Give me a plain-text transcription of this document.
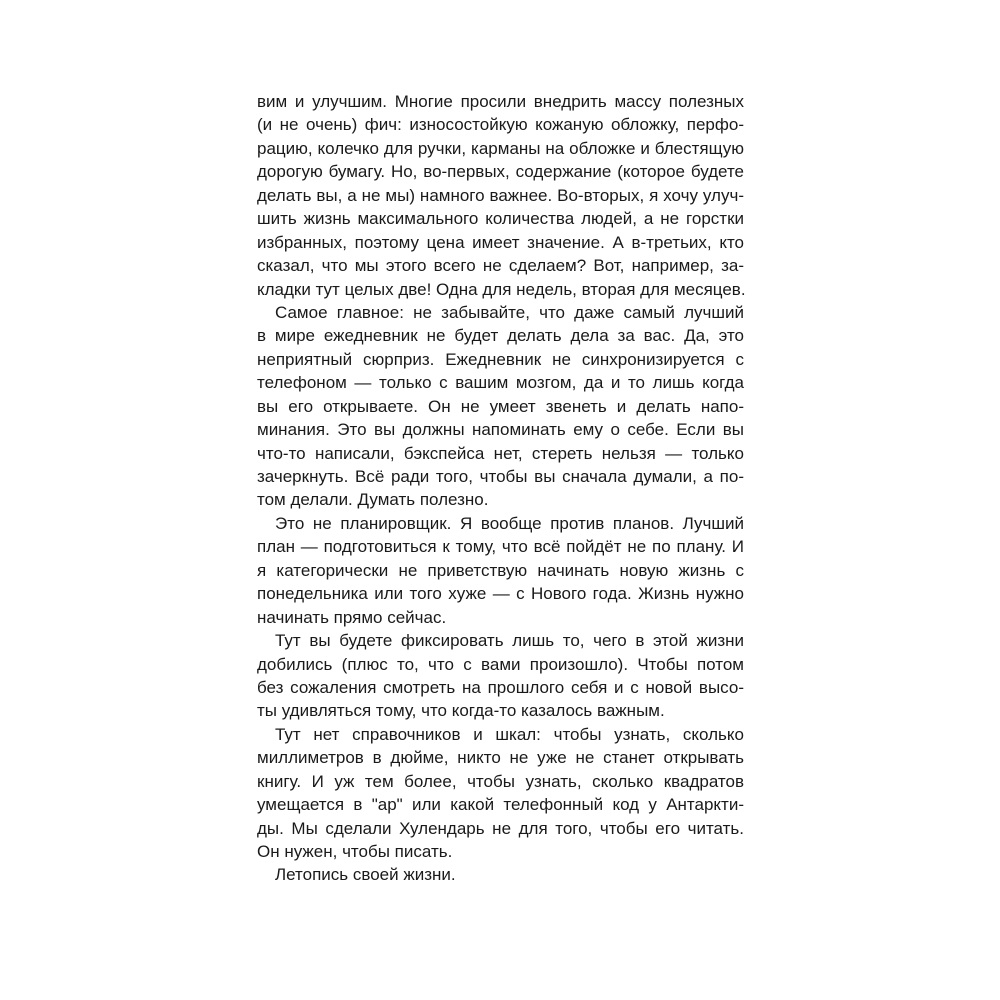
вим и улучшим. Многие просили внедрить массу полезных
(и не очень) фич: износостойкую кожаную обложку, перфо-
рацию, колечко для ручки, карманы на обложке и блестящую
дорогую бумагу. Но, во-первых, содержание (которое будете
делать вы, а не мы) намного важнее. Во-вторых, я хочу улуч-
шить жизнь максимального количества людей, а не горстки
избранных, поэтому цена имеет значение. А в-третьих, кто
сказал, что мы этого всего не сделаем? Вот, например, за-
кладки тут целых две! Одна для недель, вторая для месяцев.
Самое главное: не забывайте, что даже самый лучший
в мире ежедневник не будет делать дела за вас. Да, это
неприятный сюрприз. Ежедневник не синхронизируется с
телефоном — только с вашим мозгом, да и то лишь когда
вы его открываете. Он не умеет звенеть и делать напо-
минания. Это вы должны напоминать ему о себе. Если вы
что-то написали, бэкспейса нет, стереть нельзя — только
зачеркнуть. Всё ради того, чтобы вы сначала думали, а по-
том делали. Думать полезно.
Это не планировщик. Я вообще против планов. Лучший
план — подготовиться к тому, что всё пойдёт не по плану. И
я категорически не приветствую начинать новую жизнь с
понедельника или того хуже — с Нового года. Жизнь нужно
начинать прямо сейчас.
Тут вы будете фиксировать лишь то, чего в этой жизни
добились (плюс то, что с вами произошло). Чтобы потом
без сожаления смотреть на прошлого себя и с новой высо-
ты удивляться тому, что когда-то казалось важным.
Тут нет справочников и шкал: чтобы узнать, сколько
миллиметров в дюйме, никто не уже не станет открывать
книгу. И уж тем более, чтобы узнать, сколько квадратов
умещается в "ар" или какой телефонный код у Антаркти-
ды. Мы сделали Хулендарь не для того, чтобы его читать.
Он нужен, чтобы писать.
Летопись своей жизни.
